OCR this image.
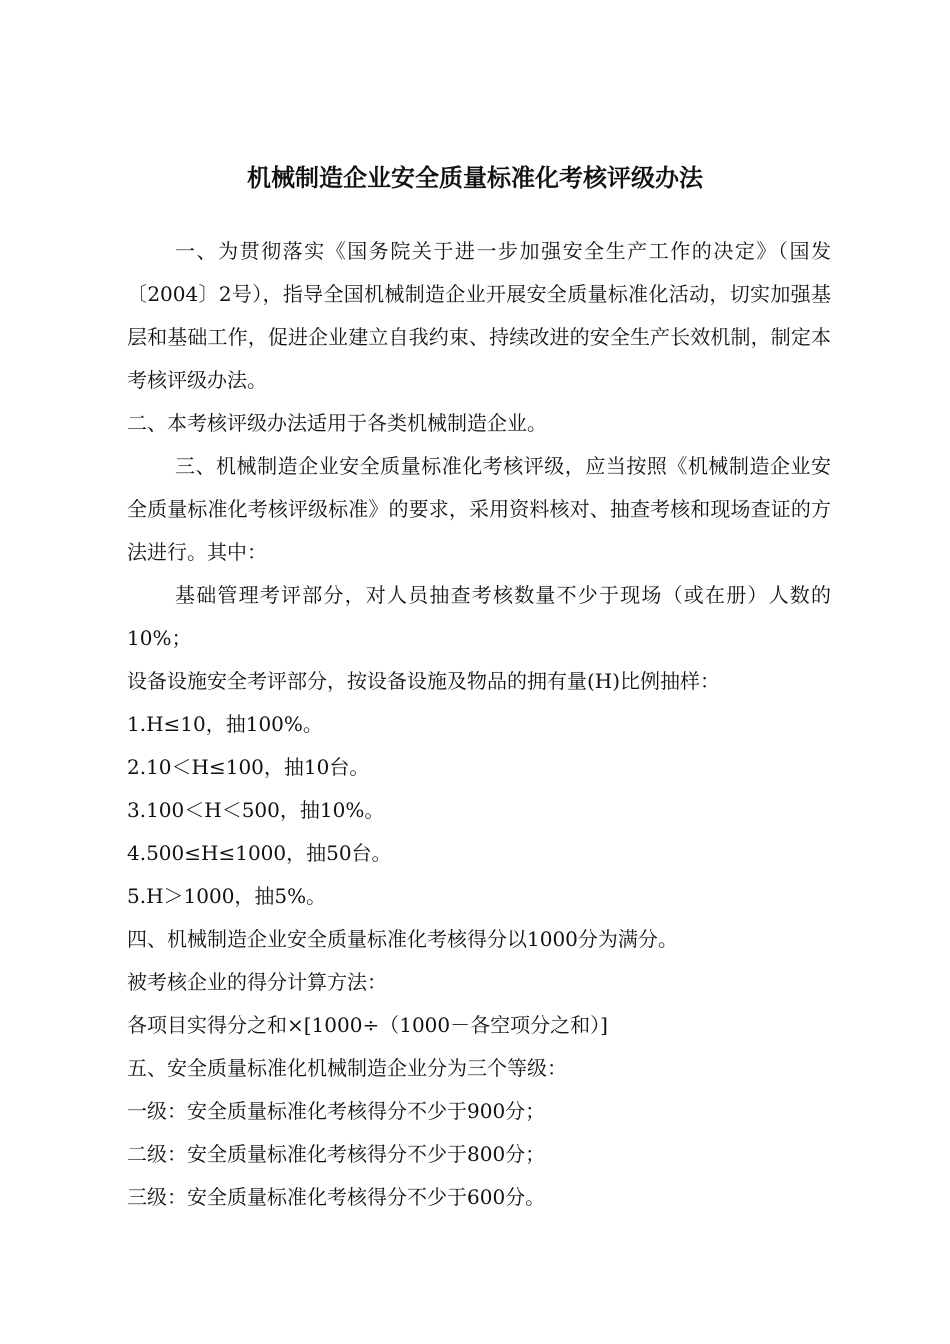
机械制造企业安全质量标准化考核评级办法

一、为贯彻落实《国务院关于进一步加强安全生产工作的决定》（国发〔2004〕2号），指导全国机械制造企业开展安全质量标准化活动，切实加强基层和基础工作，促进企业建立自我约束、持续改进的安全生产长效机制，制定本考核评级办法。

二、本考核评级办法适用于各类机械制造企业。

三、机械制造企业安全质量标准化考核评级，应当按照《机械制造企业安全质量标准化考核评级标准》的要求，采用资料核对、抽查考核和现场查证的方法进行。其中：

基础管理考评部分，对人员抽查考核数量不少于现场（或在册）人数的10%；

设备设施安全考评部分，按设备设施及物品的拥有量(H)比例抽样：

1.H≤10，抽100%。

2.10＜H≤100，抽10台。

3.100＜H＜500，抽10%。

4.500≤H≤1000，抽50台。

5.H＞1000，抽5%。

四、机械制造企业安全质量标准化考核得分以1000分为满分。

被考核企业的得分计算方法：

各项目实得分之和×[1000÷（1000－各空项分之和）]

五、安全质量标准化机械制造企业分为三个等级：

一级：安全质量标准化考核得分不少于900分；

二级：安全质量标准化考核得分不少于800分；

三级：安全质量标准化考核得分不少于600分。
